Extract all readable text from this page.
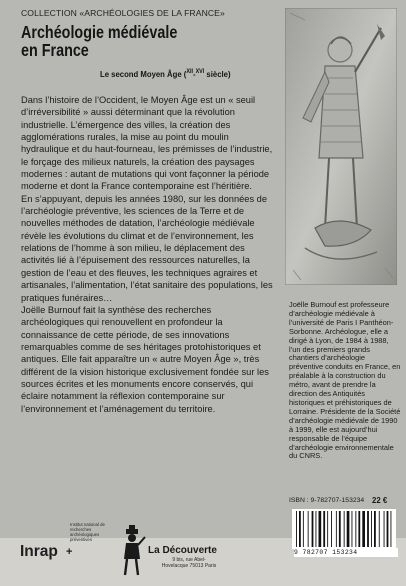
COLLECTION «ARCHÉOLOGIES DE LA FRANCE»
Archéologie médiévale
en France
Le second Moyen Âge ($^{XII}$-$^{XVI}$ siècle)

Dans l’histoire de l’Occident, le Moyen Âge est un « seuil d’irréversibilité » aussi déterminant que la révolution industrielle. L’émergence des villes, la création des agglomérations rurales, la mise au point du moulin hydraulique et du haut-fourneau, les prémisses de l’industrie, le forçage des milieux naturels, la création des paysages modernes : autant de mutations qui vont façonner la période moderne et dont la France contemporaine est l’héritière.

En s’appuyant, depuis les années 1980, sur les données de l’archéologie préventive, les sciences de la Terre et de nouvelles méthodes de datation, l’archéologie médiévale révèle les évolutions du climat et de l’environnement, les relations de l’homme à son milieu, le déplacement des activités lié à l’épuisement des ressources naturelles, la gestion de l’eau et des fleuves, les techniques agraires et artisanales, l’alimentation, l’état sanitaire des populations, les pratiques funéraires…

Joëlle Burnouf fait la synthèse des recherches archéologiques qui renouvellent en profondeur la connaissance de cette période, de ses innovations remarquables comme de ses héritages protohistoriques et antiques. Elle fait apparaître un « autre Moyen Âge », très différent de la vision historique exclusivement fondée sur les sources écrites et les monuments encore conservés, qui éclaire notamment la réflexion contemporaine sur l’environnement et l’aménagement du territoire.

Joëlle Burnouf est professeure d’archéologie médiévale à l’université de Paris I Panthéon-Sorbonne. Archéologue, elle a dirigé à Lyon, de 1984 à 1988, l’un des premiers grands chantiers d’archéologie préventive conduits en France, en préalable à la construction du métro, avant de prendre la direction des Antiquités historiques et préhistoriques de Lorraine. Présidente de la Société d’archéologie médiévale de 1990 à 1999, elle est aujourd’hui responsable de l’équipe d’archéologie environnementale du CNRS.
ISBN : 9-782707-153234 22 €
9 782707 153234
Institut national de recherches archéologiques préventives
Inrap +	La Découverte
9 bis, rue Abel-Hovelacque 75013 Paris
